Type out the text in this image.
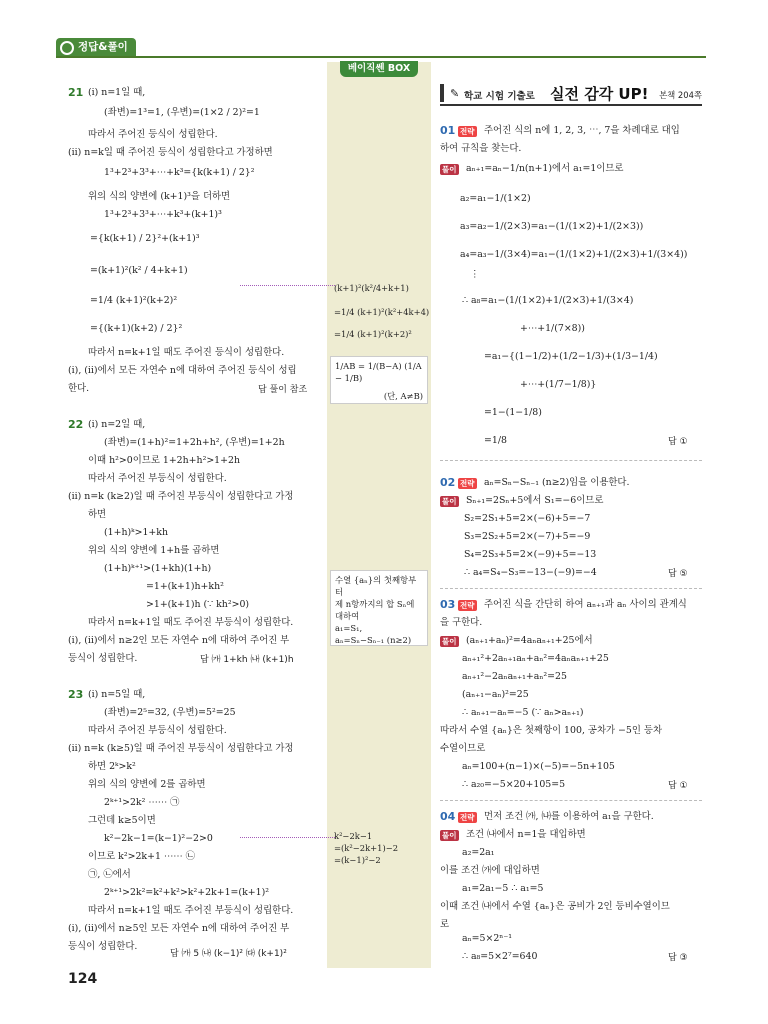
정답&풀이
베이직쎈 BOX
✎ 학교 시험 기출로 실전 감각 UP! 본책 204쪽
21 (ⅰ) n=1일 때,
(좌변)=1³=1, (우변)=(1×2 / 2)²=1
따라서 주어진 등식이 성립한다.
(ⅱ) n=k일 때 주어진 등식이 성립한다고 가정하면
1³+2³+3³+⋯+k³={k(k+1) / 2}²
위의 식의 양변에 (k+1)³을 더하면
1³+2³+3³+⋯+k³+(k+1)³
={k(k+1) / 2}²+(k+1)³
=(k+1)²(k² / 4+k+1)
=1/4 (k+1)²(k+2)²
={(k+1)(k+2) / 2}²
따라서 n=k+1일 때도 주어진 등식이 성립한다.
(ⅰ), (ⅱ)에서 모든 자연수 n에 대하여 주어진 등식이 성립
한다.
22 (ⅰ) n=2일 때,
(좌변)=(1+h)²=1+2h+h², (우변)=1+2h
이때 h²>0이므로 1+2h+h²>1+2h
따라서 주어진 부등식이 성립한다.
(ⅱ) n=k (k≥2)일 때 주어진 부등식이 성립한다고 가정
하면
(1+h)ᵏ>1+kh
위의 식의 양변에 1+h를 곱하면
(1+h)ᵏ⁺¹>(1+kh)(1+h)
=1+(k+1)h+kh²
>1+(k+1)h (∵ kh²>0)
따라서 n=k+1일 때도 주어진 부등식이 성립한다.
(ⅰ), (ⅱ)에서 n≥2인 모든 자연수 n에 대하여 주어진 부
등식이 성립한다.
23 (ⅰ) n=5일 때,
(좌변)=2⁵=32, (우변)=5²=25
따라서 주어진 부등식이 성립한다.
(ⅱ) n=k (k≥5)일 때 주어진 부등식이 성립한다고 가정
하면 2ᵏ>k²
위의 식의 양변에 2를 곱하면
2ᵏ⁺¹>2k² ⋯⋯ ㉠
그런데 k≥5이면
k²−2k−1=(k−1)²−2>0
이므로 k²>2k+1 ⋯⋯ ㉡
㉠, ㉡에서
2ᵏ⁺¹>2k²=k²+k²>k²+2k+1=(k+1)²
따라서 n=k+1일 때도 주어진 부등식이 성립한다.
(ⅰ), (ⅱ)에서 n≥5인 모든 자연수 n에 대하여 주어진 부
등식이 성립한다.
답 풀이 참조
답 ㈎ 1+kh ㈏ (k+1)h
답 ㈎ 5 ㈏ (k−1)² ㈐ (k+1)²
01	주어진 식의 n에 1, 2, 3, ⋯, 7을 차례대로 대입
하여 규칙을 찾는다.
aₙ₊₁=aₙ−1/n(n+1)에서 a₁=1이므로
a₂=a₁−1/(1×2)
a₃=a₂−1/(2×3)=a₁−(1/(1×2)+1/(2×3))
a₄=a₃−1/(3×4)=a₁−(1/(1×2)+1/(2×3)+1/(3×4))
⋮
∴ a₈=a₁−(1/(1×2)+1/(2×3)+1/(3×4)
+⋯+1/(7×8))
=a₁−{(1−1/2)+(1/2−1/3)+(1/3−1/4)
+⋯+(1/7−1/8)}
=1−(1−1/8)
=1/8
02	aₙ=Sₙ−Sₙ₋₁ (n≥2)임을 이용한다.
Sₙ₊₁=2Sₙ+5에서 S₁=−6이므로
S₂=2S₁+5=2×(−6)+5=−7
S₃=2S₂+5=2×(−7)+5=−9
S₄=2S₃+5=2×(−9)+5=−13
∴ a₄=S₄−S₃=−13−(−9)=−4
03	주어진 식을 간단히 하여 aₙ₊₁과 aₙ 사이의 관계식
을 구한다.
(aₙ₊₁+aₙ)²=4aₙaₙ₊₁+25에서
aₙ₊₁²+2aₙ₊₁aₙ+aₙ²=4aₙaₙ₊₁+25
aₙ₊₁²−2aₙaₙ₊₁+aₙ²=25
(aₙ₊₁−aₙ)²=25
∴ aₙ₊₁−aₙ=−5 (∵ aₙ>aₙ₊₁)
따라서 수열 {aₙ}은 첫째항이 100, 공차가 −5인 등차
수열이므로
aₙ=100+(n−1)×(−5)=−5n+105
∴ a₂₀=−5×20+105=5
04	먼저 조건 ㈎, ㈏를 이용하여 a₁을 구한다.
조건 ㈏에서 n=1을 대입하면
a₂=2a₁
이를 조건 ㈎에 대입하면
a₁=2a₁−5 ∴ a₁=5
이때 조건 ㈏에서 수열 {aₙ}은 공비가 2인 등비수열이므
로
aₙ=5×2ⁿ⁻¹
∴ a₈=5×2⁷=640
답 ①
답 ⑤
답 ①
답 ③
전략
풀이
전략
풀이
전략
풀이
전략
풀이
(k+1)²(k²/4+k+1)
=1/4 (k+1)²(k²+4k+4)
=1/4 (k+1)²(k+2)²
1/AB = 1/(B−A) (1/A − 1/B)
(단, A≠B)
수열 {aₙ}의 첫째항부터
제 n항까지의 합 Sₙ에
대하여
a₁=S₁,
aₙ=Sₙ−Sₙ₋₁ (n≥2)
k²−2k−1
=(k²−2k+1)−2
=(k−1)²−2
124
